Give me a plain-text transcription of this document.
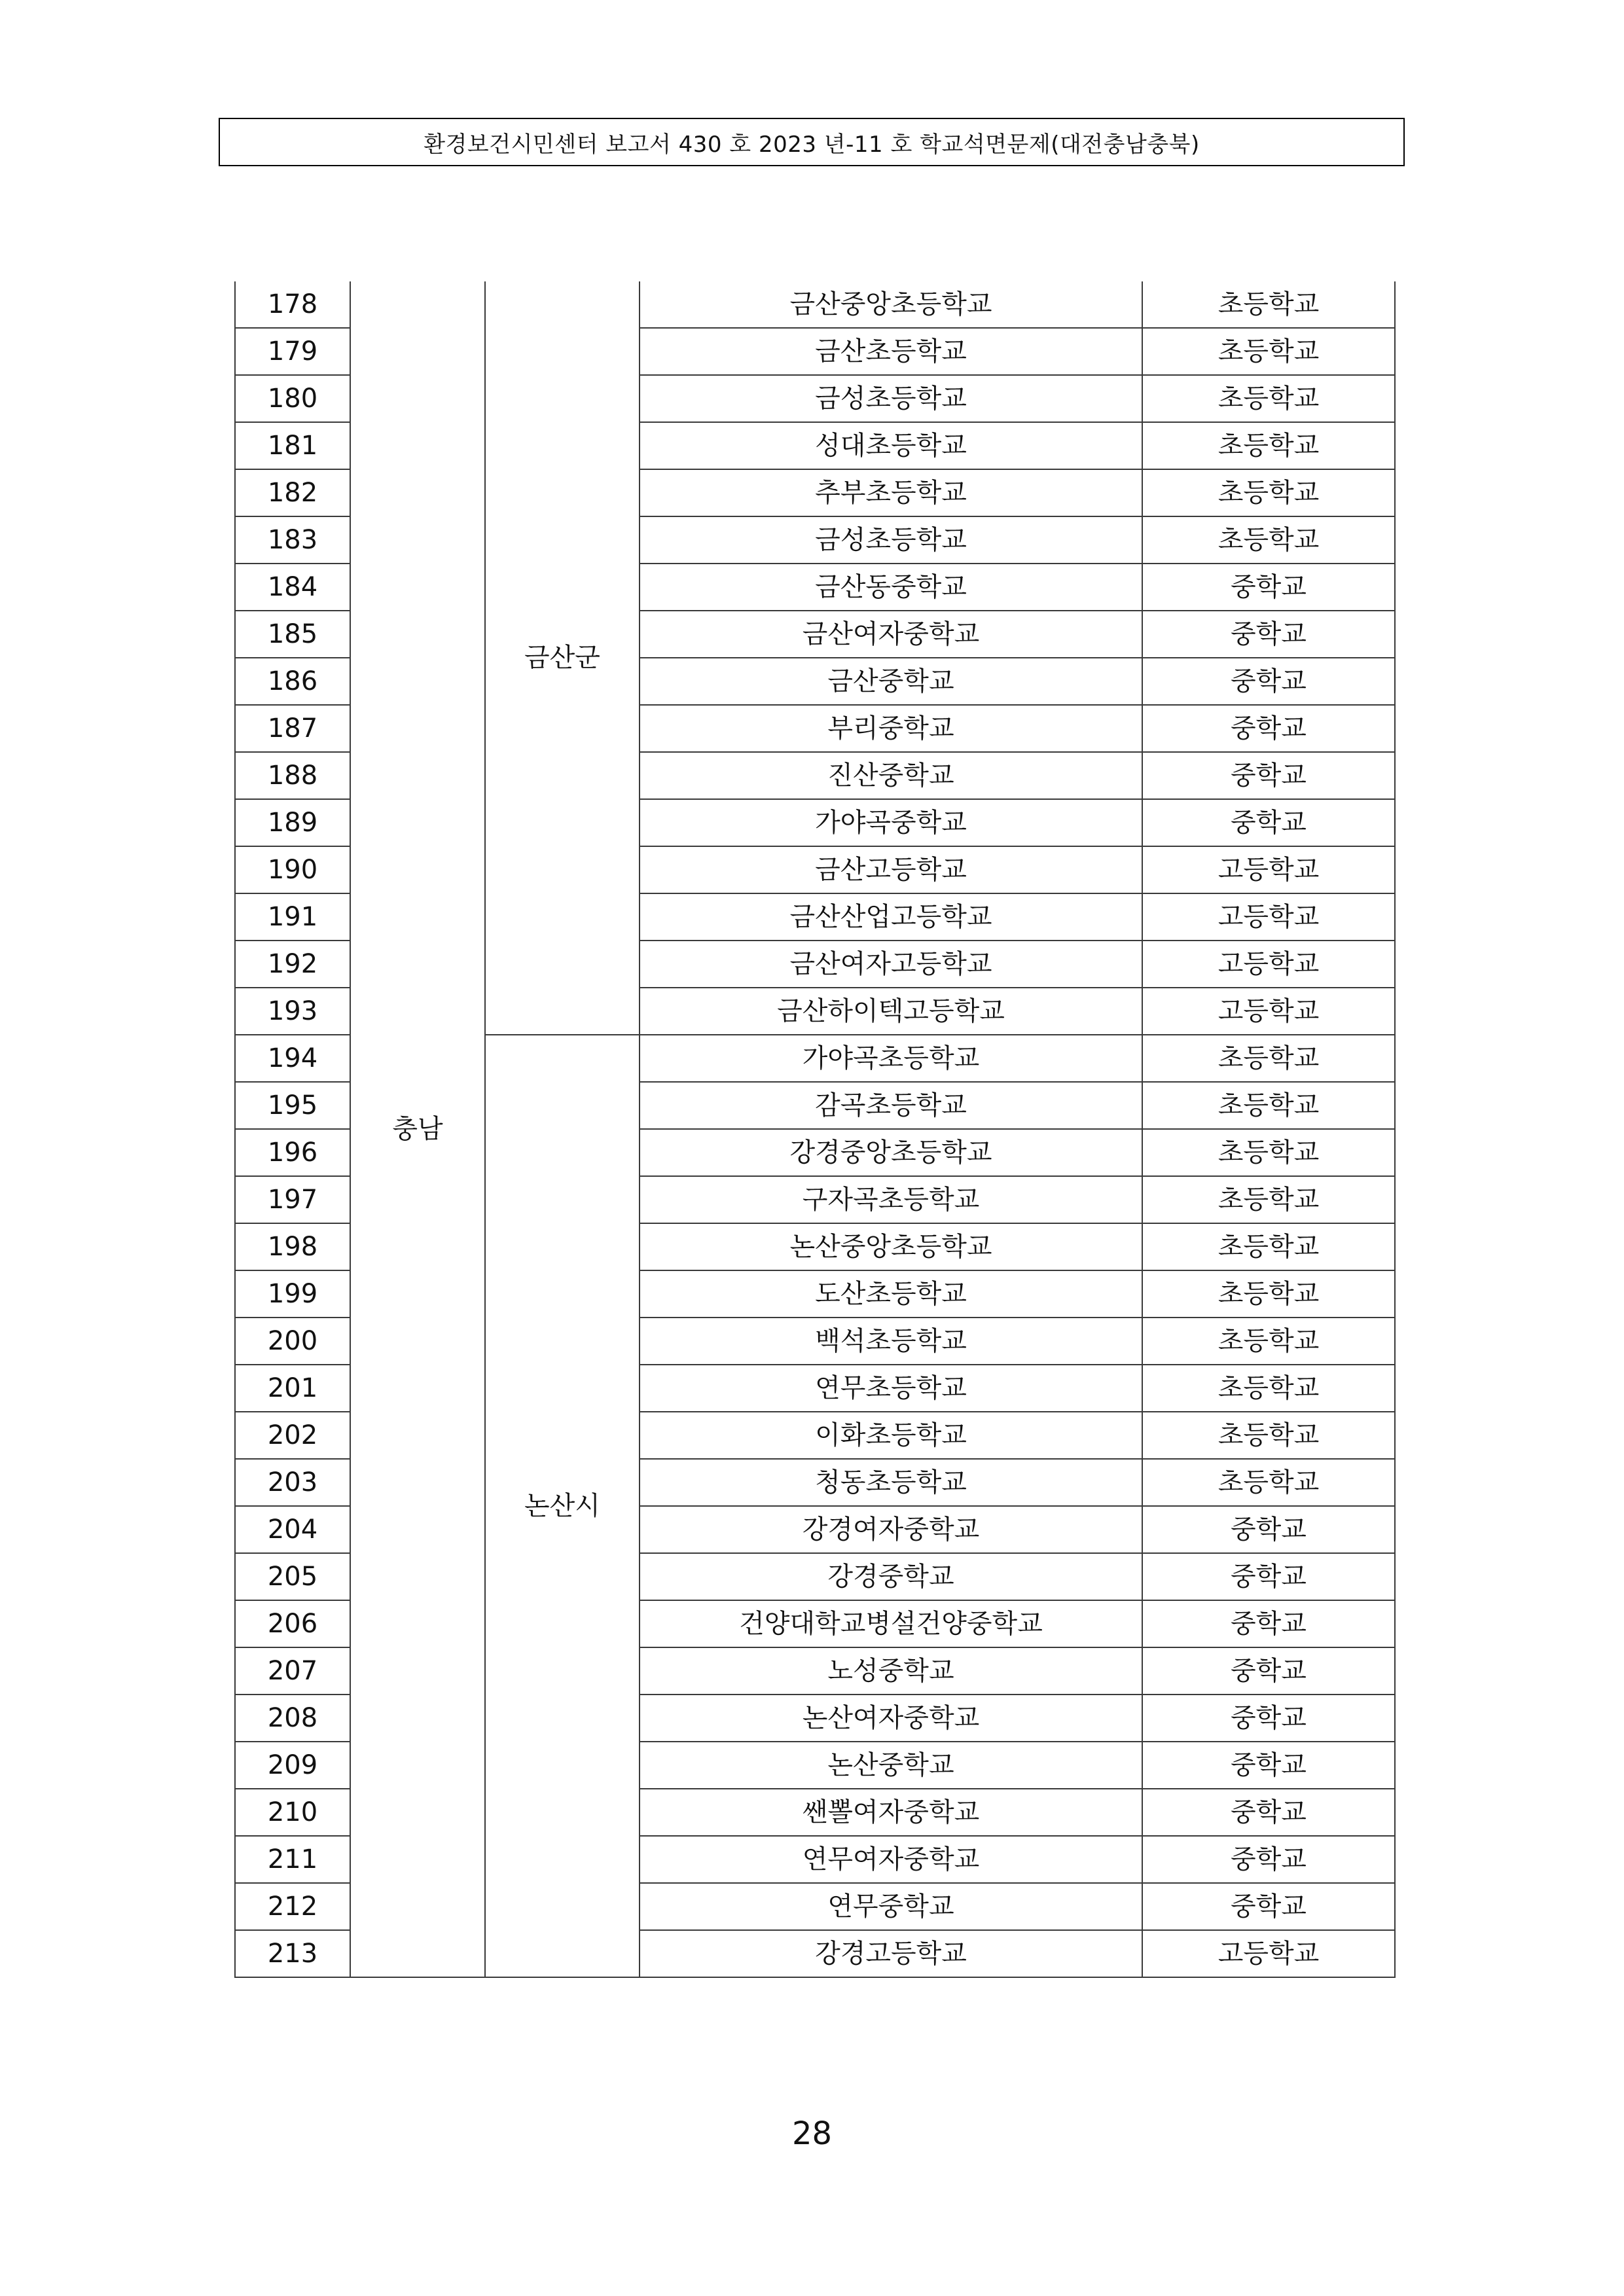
환경보건시민센터 보고서 430 호 2023 년-11 호 학교석면문제(대전충남충북)
178	충남	금산군	금산중앙초등학교	초등학교
179			금산초등학교	초등학교
180			금성초등학교	초등학교
181			성대초등학교	초등학교
182			추부초등학교	초등학교
183			금성초등학교	초등학교
184			금산동중학교	중학교
185			금산여자중학교	중학교
186			금산중학교	중학교
187			부리중학교	중학교
188			진산중학교	중학교
189			가야곡중학교	중학교
190			금산고등학교	고등학교
191			금산산업고등학교	고등학교
192			금산여자고등학교	고등학교
193			금산하이텍고등학교	고등학교
194		논산시	가야곡초등학교	초등학교
195			감곡초등학교	초등학교
196			강경중앙초등학교	초등학교
197			구자곡초등학교	초등학교
198			논산중앙초등학교	초등학교
199			도산초등학교	초등학교
200			백석초등학교	초등학교
201			연무초등학교	초등학교
202			이화초등학교	초등학교
203			청동초등학교	초등학교
204			강경여자중학교	중학교
205			강경중학교	중학교
206			건양대학교병설건양중학교	중학교
207			노성중학교	중학교
208			논산여자중학교	중학교
209			논산중학교	중학교
210			쌘뽈여자중학교	중학교
211			연무여자중학교	중학교
212			연무중학교	중학교
213			강경고등학교	고등학교
28
